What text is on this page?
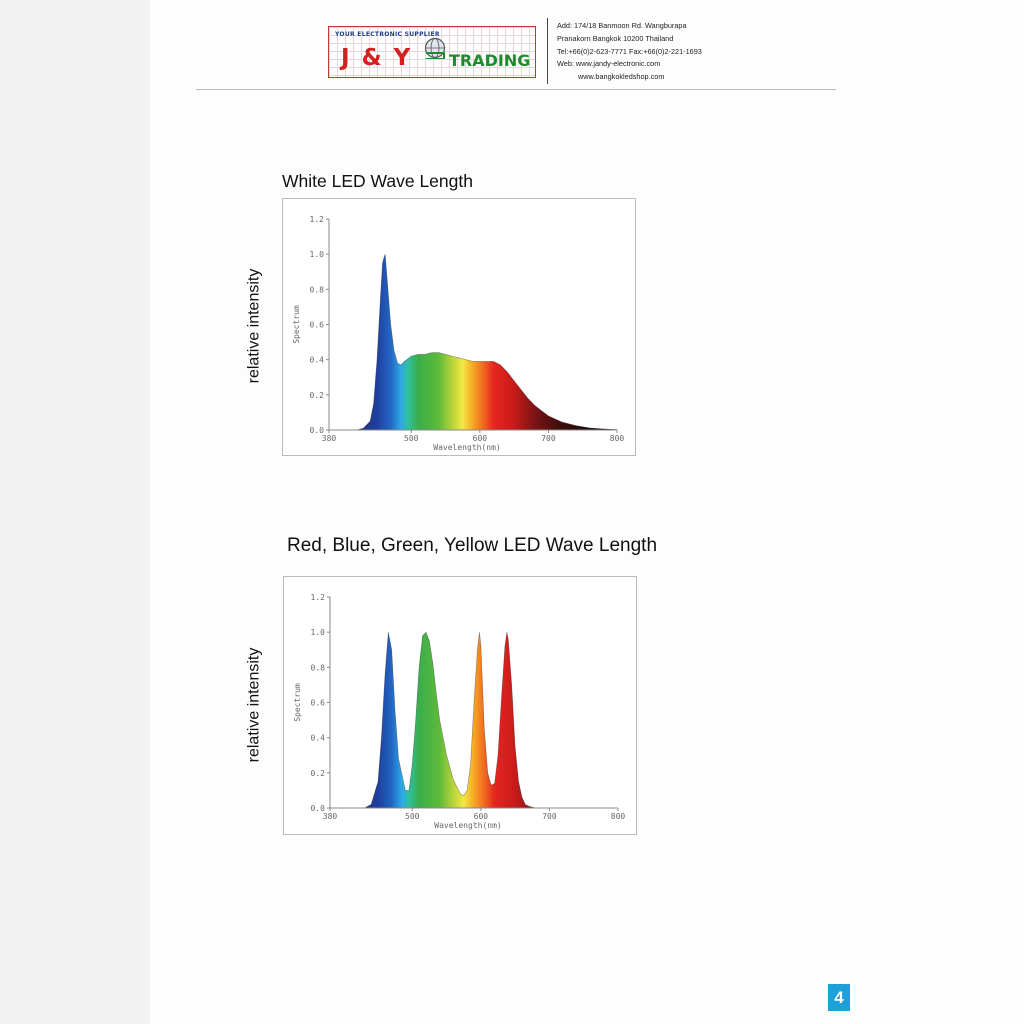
YOUR ELECTRONIC SUPPLIER
J & Y TRADING
Add: 174/18 Banmoon Rd. Wangburapa
Pranakorn Bangkok 10200 Thailand
Tel:+66(0)2-623-7771 Fax:+66(0)2-221-1693
Web: www.jandy-electronic.com
www.bangkokledshop.com
White LED Wave Length
relative intensity
0.0
0.2
0.4
0.6
0.8
1.0
1.2
380	500	600	700	800
Wavelength(nm)
Spectrum
Red, Blue, Green, Yellow LED Wave Length
relative intensity
0.0
0.2
0.4
0.6
0.8
1.0
1.2
380	500	600	700	800
Wavelength(nm)
Spectrum
4
